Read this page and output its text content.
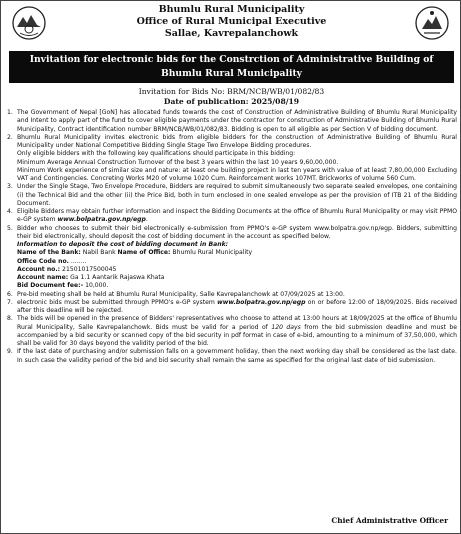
Bhumlu Rural Municipality
Office of Rural Municipal Executive
Sallae, Kavrepalanchowk
Invitation for electronic bids for the Constrction of Administrative Building of
Bhumlu Rural Municipality
Invitation for Bids No: BRM/NCB/WB/01/082/83
Date of publication: 2025/08/19
1. The Government of Nepal [GoN] has allocated funds towards the cost of Construction of Administrative Building of Bhumlu Rural Municipality and Intent to apply part of the fund to cover eligible payments under the contractor for construction of Administrative Building of Bhumlu Rural Municipality, Contract identification number BRM/NCB/WB/01/082/83. Bidding is open to all eligible as per Section V of bidding document.
2. Bhumlu Rural Municipality invites electronic bids from eligible bidders for the construction of Administrative Building of Bhumlu Rural Municipality under National Competitive Bidding Single Stage Two Envelope Bidding procedures.
Only eligible bidders with the following key qualifications should participate in this bidding:
Minimum Average Annual Construction Turnover of the best 3 years within the last 10 years 9,60,00,000.
Minimum Work experience of similar size and nature: at least one building project in last ten years with value of at least 7,80,00,000 Excluding VAT and Contingencies. Concreting Works M20 of volume 1020 Cum. Reinforcement works 107MT. Brickworks of volume 560 Cum.
3. Under the Single Stage, Two Envelope Procedure, Bidders are required to submit simultaneously two separate sealed envelopes, one containing (i) the Technical Bid and the other (ii) the Price Bid, both in turn enclosed in one sealed envelope as per the provision of ITB 21 of the Bidding Document.
4. Eligible Bidders may obtain further information and inspect the Bidding Documents at the office of Bhumlu Rural Municipality or may visit PPMO e-GP system www.bolpatra.gov.np/egp.
5. Bidder who chooses to submit their bid electronically e-submission from PPMO's e-GP system www.bolpatra.gov.np/egp. Bidders, submitting their bid electronically, should deposit the cost of bidding document in the account as specified below.
Information to deposit the cost of bidding document in Bank:
Name of the Bank: Nabil Bank Name of Office: Bhumlu Rural Municipality
Office Code no. ........
Account no.: 21501017500045
Account name: Ga 1.1 Aantarik Rajaswa Khata
Bid Document fee:- 10,000.
6. Pre-bid meeting shall be held at Bhumlu Rural Municipality, Salle Kavrepalanchowk at 07/09/2025 at 13:00.
7. electronic bids must be submitted through PPMO's e-GP system www.bolpatra.gov.np/egp on or before 12:00 of 18/09/2025. Bids received after this deadline will be rejected.
8. The bids will be opened in the presence of Bidders' representatives who choose to attend at 13:00 hours at 18/09/2025 at the office of Bhumlu Rural Municipality, Salle Kavrepalanchowk. Bids must be valid for a period of 120 days from the bid submission deadline and must be accompanied by a bid security or scanned copy of the bid security in pdf format in case of e-bid, amounting to a minimum of 37,50,000, which shall be valid for 30 days beyond the validity period of the bid.
9. If the last date of purchasing and/or submission falls on a government holiday, then the next working day shall be considered as the last date. In such case the validity period of the bid and bid security shall remain the same as specified for the original last date of bid submission.
Chief Administrative Officer
